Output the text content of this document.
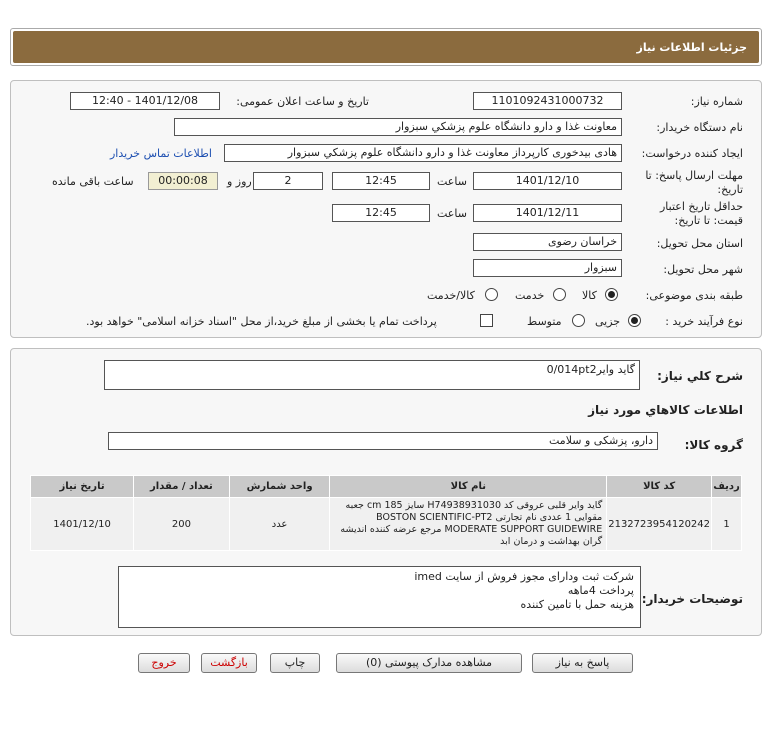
جزئیات اطلاعات نیاز
شماره نیاز:
1101092431000732
تاریخ و ساعت اعلان عمومی:
1401/12/08 - 12:40
نام دستگاه خریدار:
معاونت غذا و دارو دانشگاه علوم پزشکي سبزوار
ایجاد کننده درخواست:
هادی بیدخوری کارپرداز معاونت غذا و دارو دانشگاه علوم پزشکي سبزوار
اطلاعات تماس خریدار
مهلت ارسال پاسخ: تا
تاریخ:
1401/12/10
ساعت
12:45
2
روز و
00:00:08
ساعت باقی مانده
حداقل تاریخ اعتبار
قیمت: تا تاریخ:
1401/12/11
ساعت
12:45
استان محل تحویل:
خراسان رضوی
شهر محل تحویل:
سبزوار
طبقه بندی موضوعی:
کالا
خدمت
کالا/خدمت
نوع فرآیند خرید :
جزیی
متوسط
پرداخت تمام یا بخشی از مبلغ خرید،از محل "اسناد خزانه اسلامی" خواهد بود.
شرح کلي نیاز:
گاید وایر0/014pt2
اطلاعات کالاهاي مورد نیاز
گروه کالا:
دارو، پزشکی و سلامت
ردیف	کد کالا	نام کالا	واحد شمارش	تعداد / مقدار	تاریخ نیاز
1	2132723954120242	گاید وایر قلبی عروقی کد H74938931030 سایز 185 cm جعبه مقوایی 1 عددی نام تجارتی BOSTON SCIENTIFIC-PT2 MODERATE SUPPORT GUIDEWIRE مرجع عرضه کننده اندیشه گران بهداشت و درمان ابد	عدد	200	1401/12/10
توضیحات خریدار:
شرکت ثبت ودارای مجوز فروش از سایت imed
پرداخت 4ماهه
هزینه حمل با تامین کننده
پاسخ به نیاز
مشاهده مدارک پیوستی (0)
چاپ
بازگشت
خروج
